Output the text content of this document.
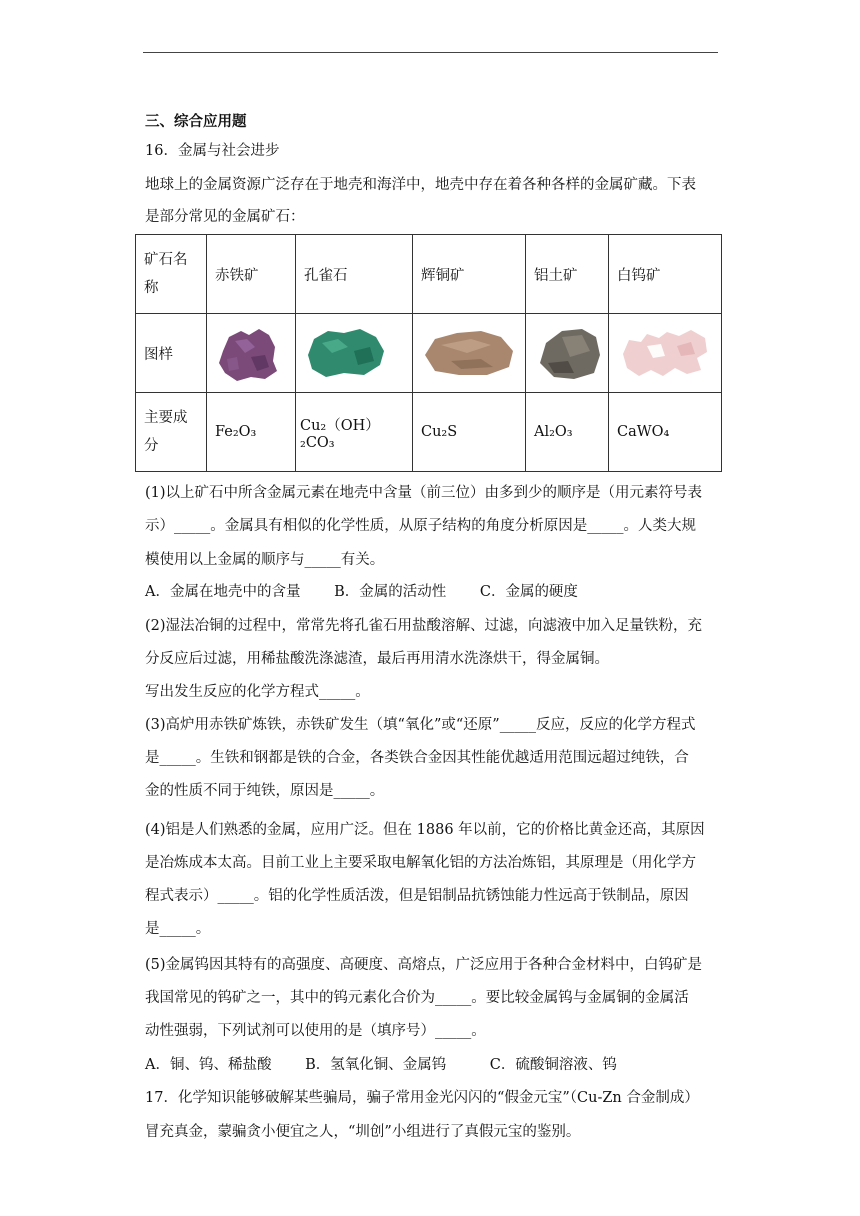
三、综合应用题
16．金属与社会进步
地球上的金属资源广泛存在于地壳和海洋中，地壳中存在着各种各样的金属矿藏。下表
是部分常见的金属矿石：
矿石名称	赤铁矿	孔雀石	辉铜矿	铝土矿	白钨矿
图样	

主要成分	Fe₂O₃	Cu₂（OH）₂CO₃	Cu₂S	Al₂O₃	CaWO₄
(1)以上矿石中所含金属元素在地壳中含量（前三位）由多到少的顺序是（用元素符号表
示）_____。金属具有相似的化学性质，从原子结构的角度分析原因是_____。人类大规
模使用以上金属的顺序与_____有关。
A．金属在地壳中的含量　　 B．金属的活动性　　 C．金属的硬度
(2)湿法冶铜的过程中，常常先将孔雀石用盐酸溶解、过滤，向滤液中加入足量铁粉，充
分反应后过滤，用稀盐酸洗涤滤渣，最后再用清水洗涤烘干，得金属铜。
写出发生反应的化学方程式_____。
(3)高炉用赤铁矿炼铁，赤铁矿发生（填“氧化”或“还原”_____反应，反应的化学方程式
是_____。生铁和钢都是铁的合金，各类铁合金因其性能优越适用范围远超过纯铁，合
金的性质不同于纯铁，原因是_____。
(4)铝是人们熟悉的金属，应用广泛。但在 1886 年以前，它的价格比黄金还高，其原因
是冶炼成本太高。目前工业上主要采取电解氧化铝的方法冶炼铝，其原理是（用化学方
程式表示）_____。铝的化学性质活泼，但是铝制品抗锈蚀能力性远高于铁制品，原因
是_____。
(5)金属钨因其特有的高强度、高硬度、高熔点，广泛应用于各种合金材料中，白钨矿是
我国常见的钨矿之一，其中的钨元素化合价为_____。要比较金属钨与金属铜的金属活
动性强弱，下列试剂可以使用的是（填序号）_____。
A．铜、钨、稀盐酸　　 B．氢氧化铜、金属钨　　　C．硫酸铜溶液、钨
17．化学知识能够破解某些骗局，骗子常用金光闪闪的“假金元宝”（Cu-Zn 合金制成）
冒充真金，蒙骗贪小便宜之人，“圳创”小组进行了真假元宝的鉴别。
